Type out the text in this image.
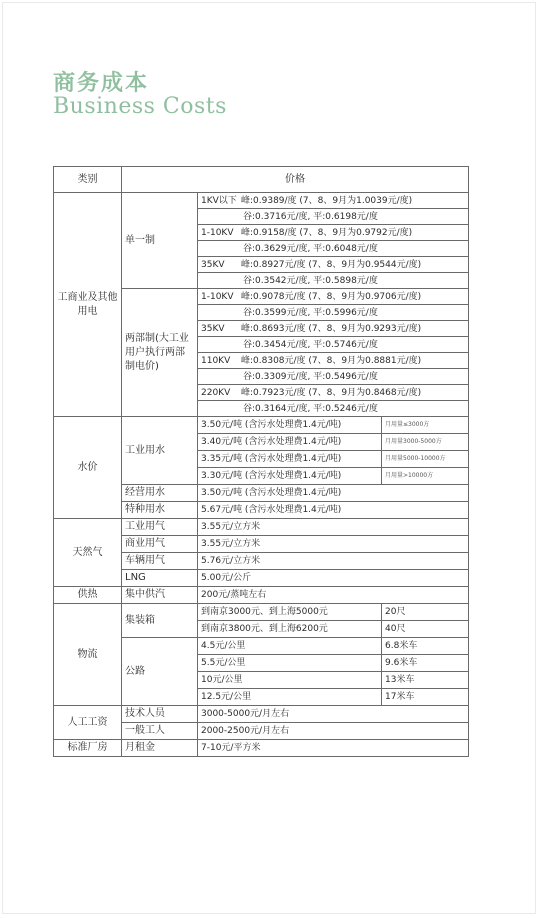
商务成本
Business Costs
类别	价格		
工商业及其他用电	单一制	1KV以下 峰:0.9389/度 (7、8、9月为1.0039元/度)	
		谷:0.3716元/度, 平:0.6198元/度	
		1-10KV 峰:0.9158/度 (7、8、9月为0.9792元/度)	
		谷:0.3629元/度, 平:0.6048元/度	
		35KV 峰:0.8927元/度 (7、8、9月为0.9544元/度)	
		谷:0.3542元/度, 平:0.5898元/度	
	两部制(大工业用户执行两部制电价)	1-10KV 峰:0.9078元/度 (7、8、9月为0.9706元/度)	
		谷:0.3599元/度, 平:0.5996元/度	
		35KV 峰:0.8693元/度 (7、8、9月为0.9293元/度)	
		谷:0.3454元/度, 平:0.5746元/度	
		110KV 峰:0.8308元/度 (7、8、9月为0.8881元/度)	
		谷:0.3309元/度, 平:0.5496元/度	
		220KV 峰:0.7923元/度 (7、8、9月为0.8468元/度)	
		谷:0.3164元/度, 平:0.5246元/度	
水价	工业用水	3.50元/吨 (含污水处理费1.4元/吨)	月用量≤3000方
		3.40元/吨 (含污水处理费1.4元/吨)	月用量3000-5000方
		3.35元/吨 (含污水处理费1.4元/吨)	月用量5000-10000方
		3.30元/吨 (含污水处理费1.4元/吨)	月用量>10000方
	经营用水	3.50元/吨 (含污水处理费1.4元/吨)	
	特种用水	5.67元/吨 (含污水处理费1.4元/吨)	
天然气	工业用气	3.55元/立方米	
	商业用气	3.55元/立方米	
	车辆用气	5.76元/立方米	
	LNG	5.00元/公斤	
供热	集中供汽	200元/蒸吨左右	
物流	集装箱	到南京3000元、到上海5000元	20尺
		到南京3800元、到上海6200元	40尺
	公路	4.5元/公里	6.8米车
		5.5元/公里	9.6米车
		10元/公里	13米车
		12.5元/公里	17米车
人工工资	技术人员	3000-5000元/月左右	
	一般工人	2000-2500元/月左右	
标准厂房	月租金	7-10元/平方米	
